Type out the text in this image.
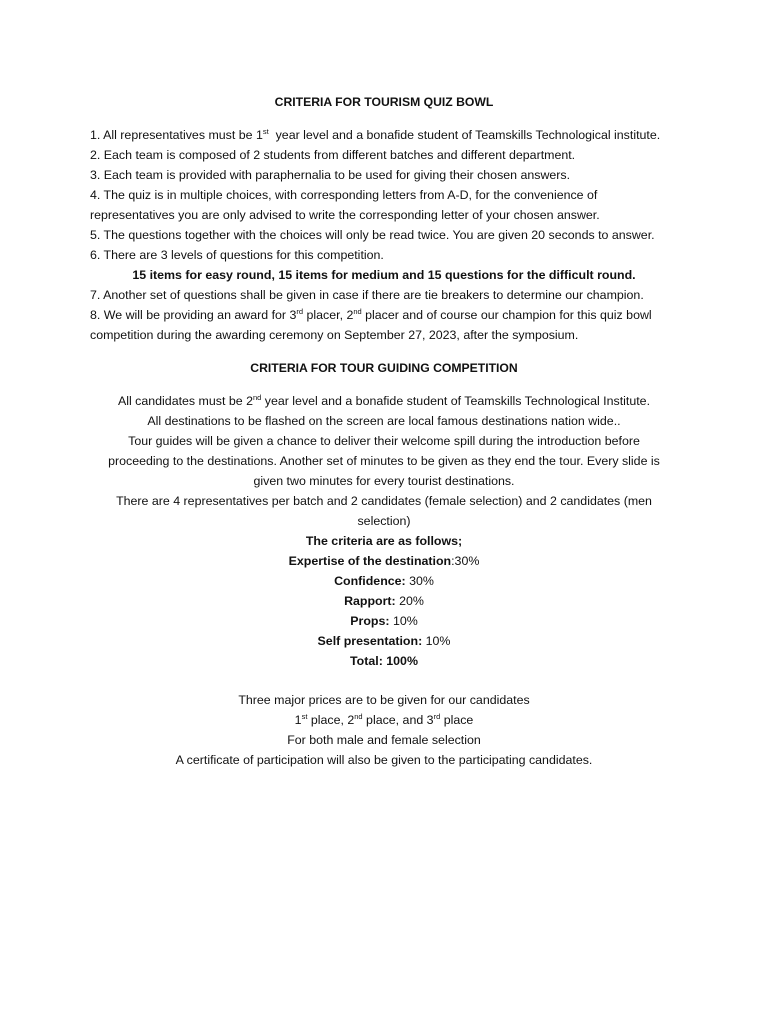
CRITERIA FOR TOURISM QUIZ BOWL
1. All representatives must be 1st  year level and a bonafide student of Teamskills Technological institute.
2. Each team is composed of 2 students from different batches and different department.
3. Each team is provided with paraphernalia to be used for giving their chosen answers.
4. The quiz is in multiple choices, with corresponding letters from A-D, for the convenience of
representatives you are only advised to write the corresponding letter of your chosen answer.
5. The questions together with the choices will only be read twice. You are given 20 seconds to answer.
6. There are 3 levels of questions for this competition.
15 items for easy round, 15 items for medium and 15 questions for the difficult round.
7. Another set of questions shall be given in case if there are tie breakers to determine our champion.
8. We will be providing an award for 3rd placer, 2nd placer and of course our champion for this quiz bowl
competition during the awarding ceremony on September 27, 2023, after the symposium.
CRITERIA FOR TOUR GUIDING COMPETITION
All candidates must be 2nd year level and a bonafide student of Teamskills Technological Institute.
All destinations to be flashed on the screen are local famous destinations nation wide..
Tour guides will be given a chance to deliver their welcome spill during the introduction before
proceeding to the destinations. Another set of minutes to be given as they end the tour. Every slide is
given two minutes for every tourist destinations.
There are 4 representatives per batch and 2 candidates (female selection) and 2 candidates (men
selection)
The criteria are as follows;
Expertise of the destination:30%
Confidence: 30%
Rapport: 20%
Props: 10%
Self presentation: 10%
Total: 100%
Three major prices are to be given for our candidates
1st place, 2nd place, and 3rd place
For both male and female selection
A certificate of participation will also be given to the participating candidates.
